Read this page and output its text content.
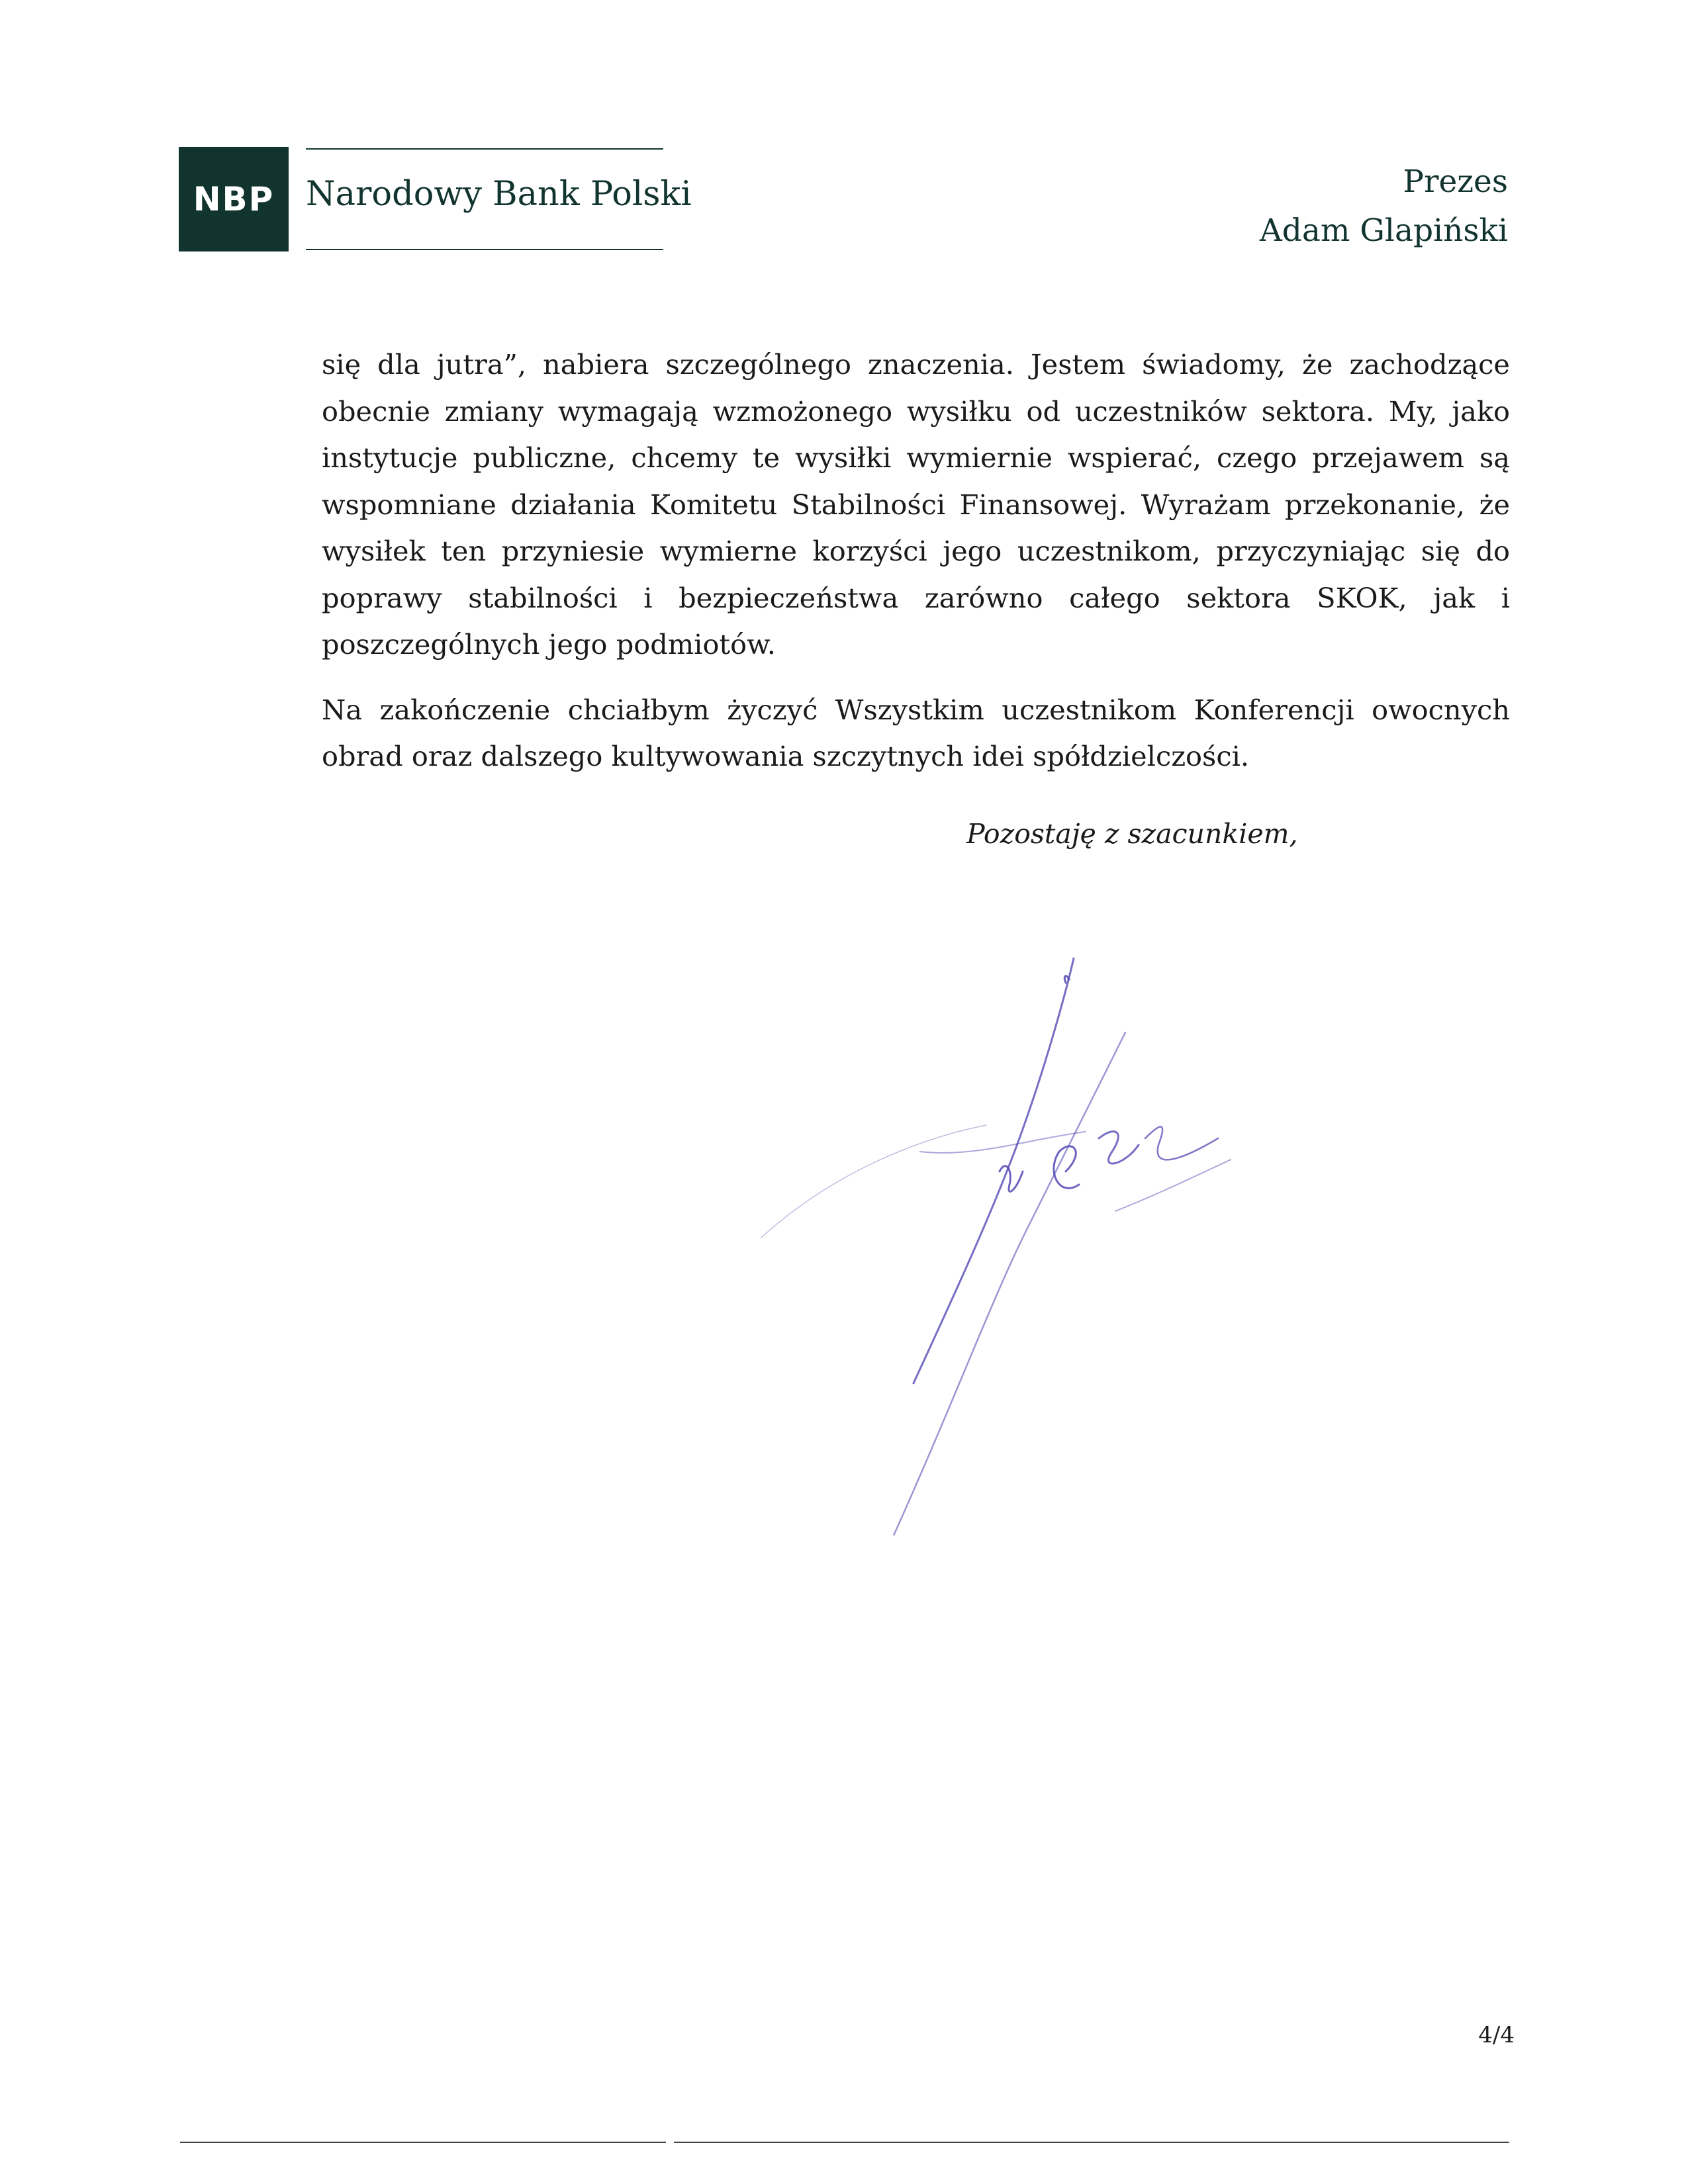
NBP Narodowy Bank Polski	Prezes
Adam Glapiński

się dla jutra”, nabiera szczególnego znaczenia. Jestem świadomy, że zachodzące obecnie zmiany wymagają wzmożonego wysiłku od uczestników sektora. My, jako instytucje publiczne, chcemy te wysiłki wymiernie wspierać, czego przejawem są wspomniane działania Komitetu Stabilności Finansowej. Wyrażam przekonanie, że wysiłek ten przyniesie wymierne korzyści jego uczestnikom, przyczyniając się do poprawy stabilności i bezpieczeństwa zarówno całego sektora SKOK, jak i poszczególnych jego podmiotów.

Na zakończenie chciałbym życzyć Wszystkim uczestnikom Konferencji owocnych obrad oraz dalszego kultywowania szczytnych idei spółdzielczości.

Pozostaję z szacunkiem,
4/4
